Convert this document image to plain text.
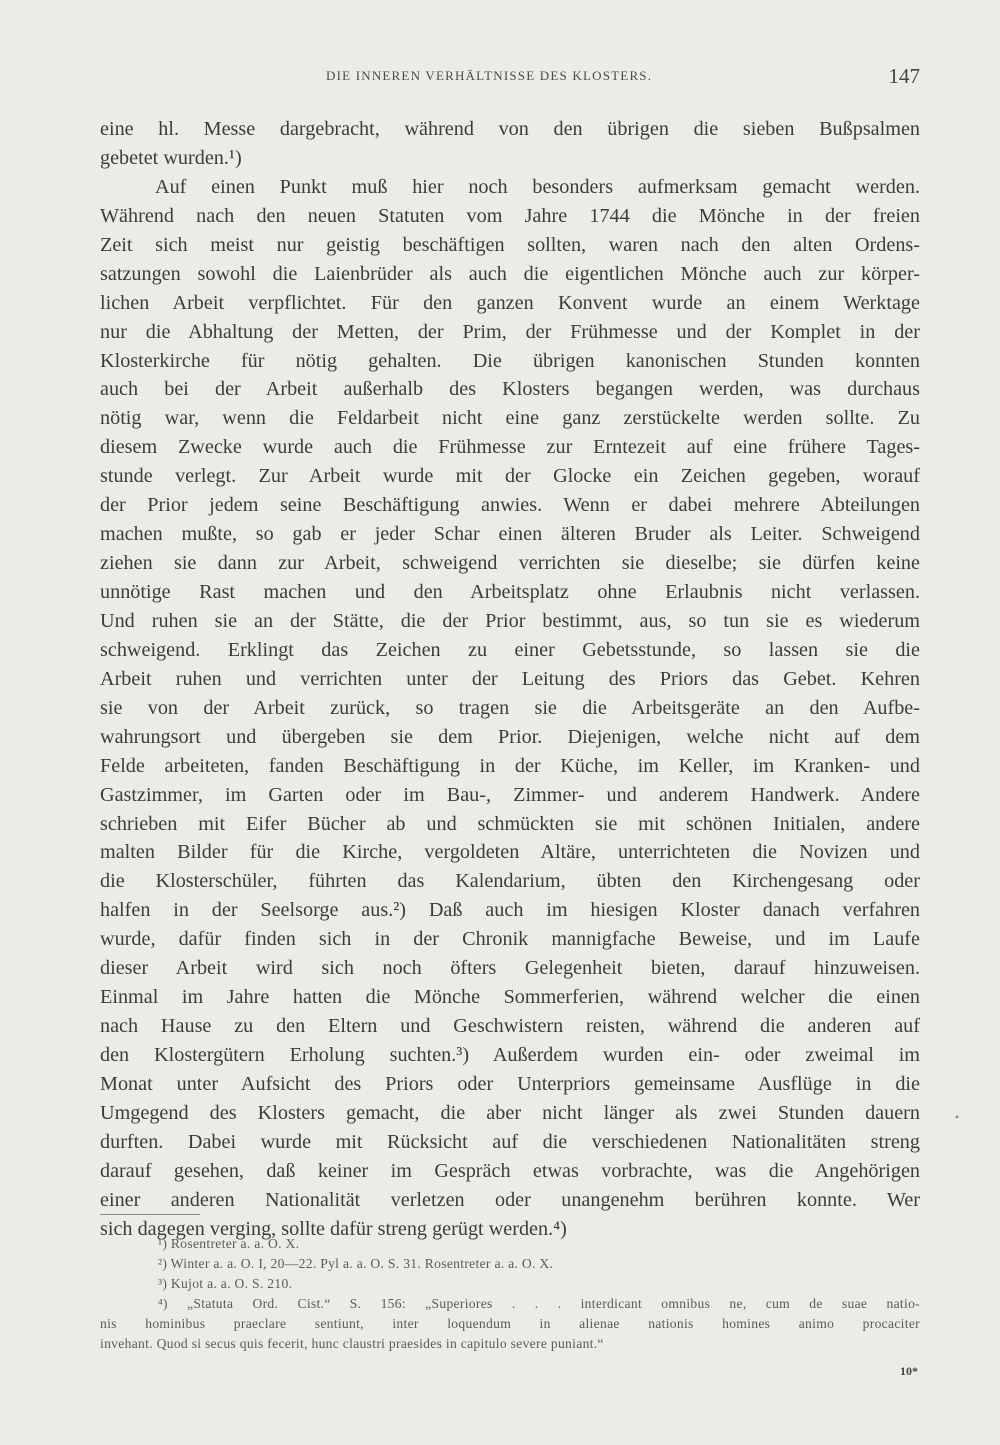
DIE INNEREN VERHÄLTNISSE DES KLOSTERS.	147
eine hl. Messe dargebracht, während von den übrigen die sieben Bußpsalmen
gebetet wurden.¹)
Auf einen Punkt muß hier noch besonders aufmerksam gemacht werden.
Während nach den neuen Statuten vom Jahre 1744 die Mönche in der freien
Zeit sich meist nur geistig beschäftigen sollten, waren nach den alten Ordens-
satzungen sowohl die Laienbrüder als auch die eigentlichen Mönche auch zur körper-
lichen Arbeit verpflichtet. Für den ganzen Konvent wurde an einem Werktage
nur die Abhaltung der Metten, der Prim, der Frühmesse und der Komplet in der
Klosterkirche für nötig gehalten. Die übrigen kanonischen Stunden konnten
auch bei der Arbeit außerhalb des Klosters begangen werden, was durchaus
nötig war, wenn die Feldarbeit nicht eine ganz zerstückelte werden sollte. Zu
diesem Zwecke wurde auch die Frühmesse zur Erntezeit auf eine frühere Tages-
stunde verlegt. Zur Arbeit wurde mit der Glocke ein Zeichen gegeben, worauf
der Prior jedem seine Beschäftigung anwies. Wenn er dabei mehrere Abteilungen
machen mußte, so gab er jeder Schar einen älteren Bruder als Leiter. Schweigend
ziehen sie dann zur Arbeit, schweigend verrichten sie dieselbe; sie dürfen keine
unnötige Rast machen und den Arbeitsplatz ohne Erlaubnis nicht verlassen.
Und ruhen sie an der Stätte, die der Prior bestimmt, aus, so tun sie es wiederum
schweigend. Erklingt das Zeichen zu einer Gebetsstunde, so lassen sie die
Arbeit ruhen und verrichten unter der Leitung des Priors das Gebet. Kehren
sie von der Arbeit zurück, so tragen sie die Arbeitsgeräte an den Aufbe-
wahrungsort und übergeben sie dem Prior. Diejenigen, welche nicht auf dem
Felde arbeiteten, fanden Beschäftigung in der Küche, im Keller, im Kranken- und
Gastzimmer, im Garten oder im Bau-, Zimmer- und anderem Handwerk. Andere
schrieben mit Eifer Bücher ab und schmückten sie mit schönen Initialen, andere
malten Bilder für die Kirche, vergoldeten Altäre, unterrichteten die Novizen und
die Klosterschüler, führten das Kalendarium, übten den Kirchengesang oder
halfen in der Seelsorge aus.²) Daß auch im hiesigen Kloster danach verfahren
wurde, dafür finden sich in der Chronik mannigfache Beweise, und im Laufe
dieser Arbeit wird sich noch öfters Gelegenheit bieten, darauf hinzuweisen.
Einmal im Jahre hatten die Mönche Sommerferien, während welcher die einen
nach Hause zu den Eltern und Geschwistern reisten, während die anderen auf
den Klostergütern Erholung suchten.³) Außerdem wurden ein- oder zweimal im
Monat unter Aufsicht des Priors oder Unterpriors gemeinsame Ausflüge in die
Umgegend des Klosters gemacht, die aber nicht länger als zwei Stunden dauern
durften. Dabei wurde mit Rücksicht auf die verschiedenen Nationalitäten streng
darauf gesehen, daß keiner im Gespräch etwas vorbrachte, was die Angehörigen
einer anderen Nationalität verletzen oder unangenehm berühren konnte. Wer
sich dagegen verging, sollte dafür streng gerügt werden.⁴)
¹) Rosentreter a. a. O. X.
²) Winter a. a. O. I, 20—22. Pyl a. a. O. S. 31. Rosentreter a. a. O. X.
³) Kujot a. a. O. S. 210.
⁴) „Statuta Ord. Cist.“ S. 156: „Superiores . . . interdicant omnibus ne, cum de suae natio-
nis hominibus praeclare sentiunt, inter loquendum in alienae nationis homines animo procaciter
invehant. Quod si secus quis fecerit, hunc claustri praesides in capitulo severe puniant.“
10*
•
